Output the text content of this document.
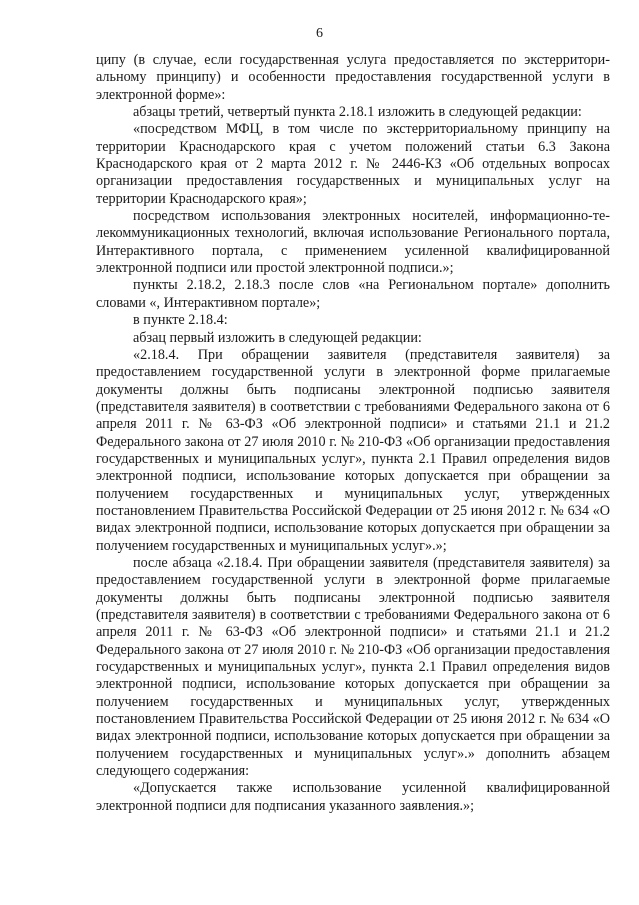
6

ципу (в случае, если государственная услуга предоставляется по экстерриториальному принципу) и особенности предоставления государственной услуги в электронной форме»:

абзацы третий, четвертый пункта 2.18.1 изложить в следующей редакции:

«посредством МФЦ, в том числе по экстерриториальному принципу на территории Краснодарского края с учетом положений статьи 6.3 Закона Краснодарского края от 2 марта 2012 г. № 2446-КЗ «Об отдельных вопросах организации предоставления государственных и муниципальных услуг на территории Краснодарского края»;

посредством использования электронных носителей, информационно-телекоммуникационных технологий, включая использование Регионального портала, Интерактивного портала, с применением усиленной квалифицированной электронной подписи или простой электронной подписи.»;

пункты 2.18.2, 2.18.3 после слов «на Региональном портале» дополнить словами «, Интерактивном портале»;

в пункте 2.18.4:

абзац первый изложить в следующей редакции:

«2.18.4. При обращении заявителя (представителя заявителя) за предоставлением государственной услуги в электронной форме прилагаемые документы должны быть подписаны электронной подписью заявителя (представителя заявителя) в соответствии с требованиями Федерального закона от 6 апреля 2011 г. № 63-ФЗ «Об электронной подписи» и статьями 21.1 и 21.2 Федерального закона от 27 июля 2010 г. № 210-ФЗ «Об организации предоставления государственных и муниципальных услуг», пункта 2.1 Правил определения видов электронной подписи, использование которых допускается при обращении за получением государственных и муниципальных услуг, утвержденных постановлением Правительства Российской Федерации от 25 июня 2012 г. № 634 «О видах электронной подписи, использование которых допускается при обращении за получением государственных и муниципальных услуг».»;

после абзаца «2.18.4. При обращении заявителя (представителя заявителя) за предоставлением государственной услуги в электронной форме прилагаемые документы должны быть подписаны электронной подписью заявителя (представителя заявителя) в соответствии с требованиями Федерального закона от 6 апреля 2011 г. № 63-ФЗ «Об электронной подписи» и статьями 21.1 и 21.2 Федерального закона от 27 июля 2010 г. № 210-ФЗ «Об организации предоставления государственных и муниципальных услуг», пункта 2.1 Правил определения видов электронной подписи, использование которых допускается при обращении за получением государственных и муниципальных услуг, утвержденных постановлением Правительства Российской Федерации от 25 июня 2012 г. № 634 «О видах электронной подписи, использование которых допускается при обращении за получением государственных и муниципальных услуг».» дополнить абзацем следующего содержания:

«Допускается также использование усиленной квалифицированной электронной подписи для подписания указанного заявления.»;
